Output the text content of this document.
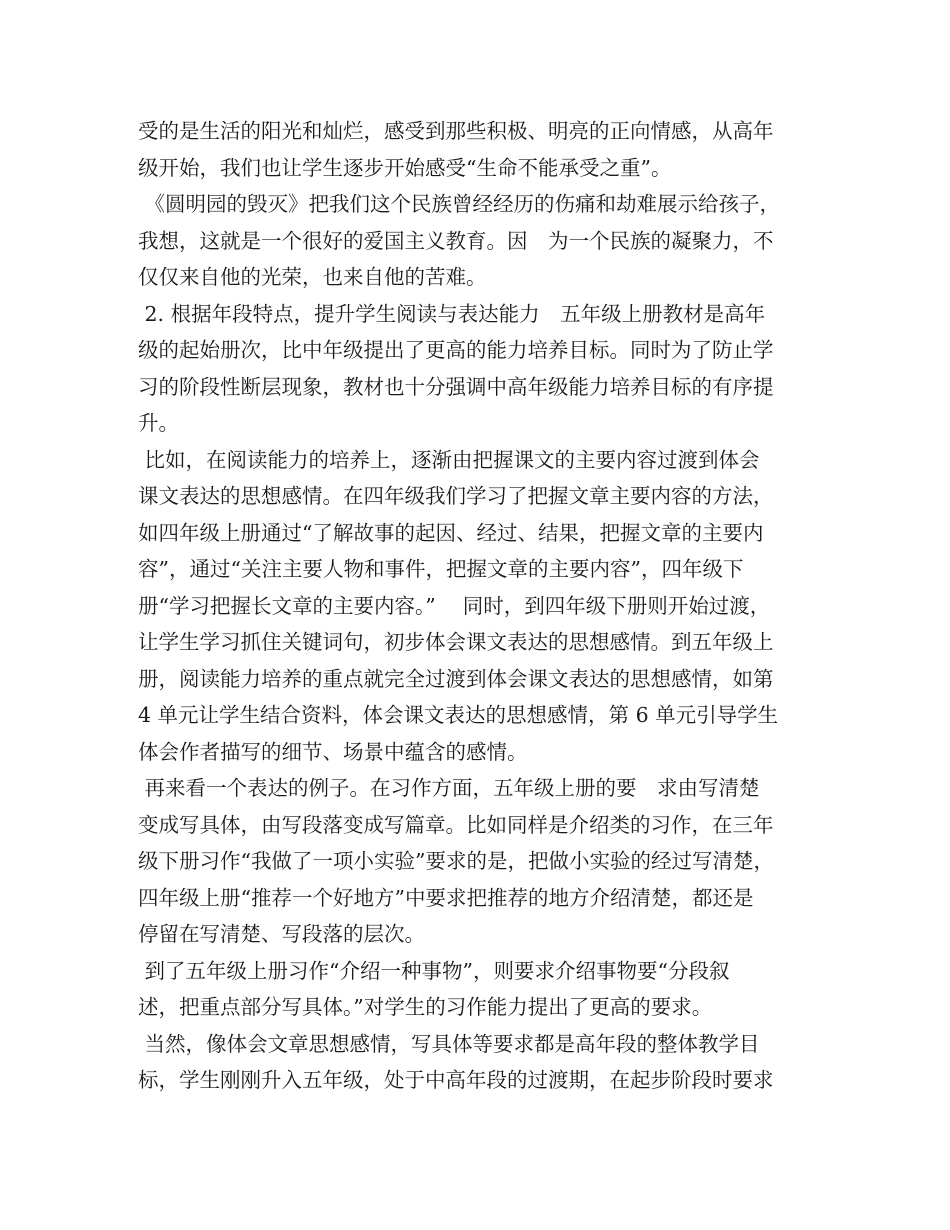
受的是生活的阳光和灿烂，感受到那些积极、明亮的正向情感，从高年
级开始，我们也让学生逐步开始感受“生命不能承受之重”。
《圆明园的毁灭》把我们这个民族曾经经历的伤痛和劫难展示给孩子，
我想，这就是一个很好的爱国主义教育。因　为一个民族的凝聚力，不
仅仅来自他的光荣，也来自他的苦难。
2. 根据年段特点，提升学生阅读与表达能力　五年级上册教材是高年
级的起始册次，比中年级提出了更高的能力培养目标。同时为了防止学
习的阶段性断层现象，教材也十分强调中高年级能力培养目标的有序提
升。
比如，在阅读能力的培养上，逐渐由把握课文的主要内容过渡到体会
课文表达的思想感情。在四年级我们学习了把握文章主要内容的方法，
如四年级上册通过“了解故事的起因、经过、结果，把握文章的主要内
容”，通过“关注主要人物和事件，把握文章的主要内容”，四年级下
册“学习把握长文章的主要内容。”　 同时，到四年级下册则开始过渡，
让学生学习抓住关键词句，初步体会课文表达的思想感情。到五年级上
册，阅读能力培养的重点就完全过渡到体会课文表达的思想感情，如第
4 单元让学生结合资料，体会课文表达的思想感情，第 6 单元引导学生
体会作者描写的细节、场景中蕴含的感情。
再来看一个表达的例子。在习作方面，五年级上册的要　求由写清楚
变成写具体，由写段落变成写篇章。比如同样是介绍类的习作，在三年
级下册习作“我做了一项小实验”要求的是，把做小实验的经过写清楚，
四年级上册“推荐一个好地方”中要求把推荐的地方介绍清楚，都还是
停留在写清楚、写段落的层次。
到了五年级上册习作“介绍一种事物”，则要求介绍事物要“分段叙
述，把重点部分写具体。”对学生的习作能力提出了更高的要求。
当然，像体会文章思想感情，写具体等要求都是高年段的整体教学目
标，学生刚刚升入五年级，处于中高年段的过渡期，在起步阶段时要求
